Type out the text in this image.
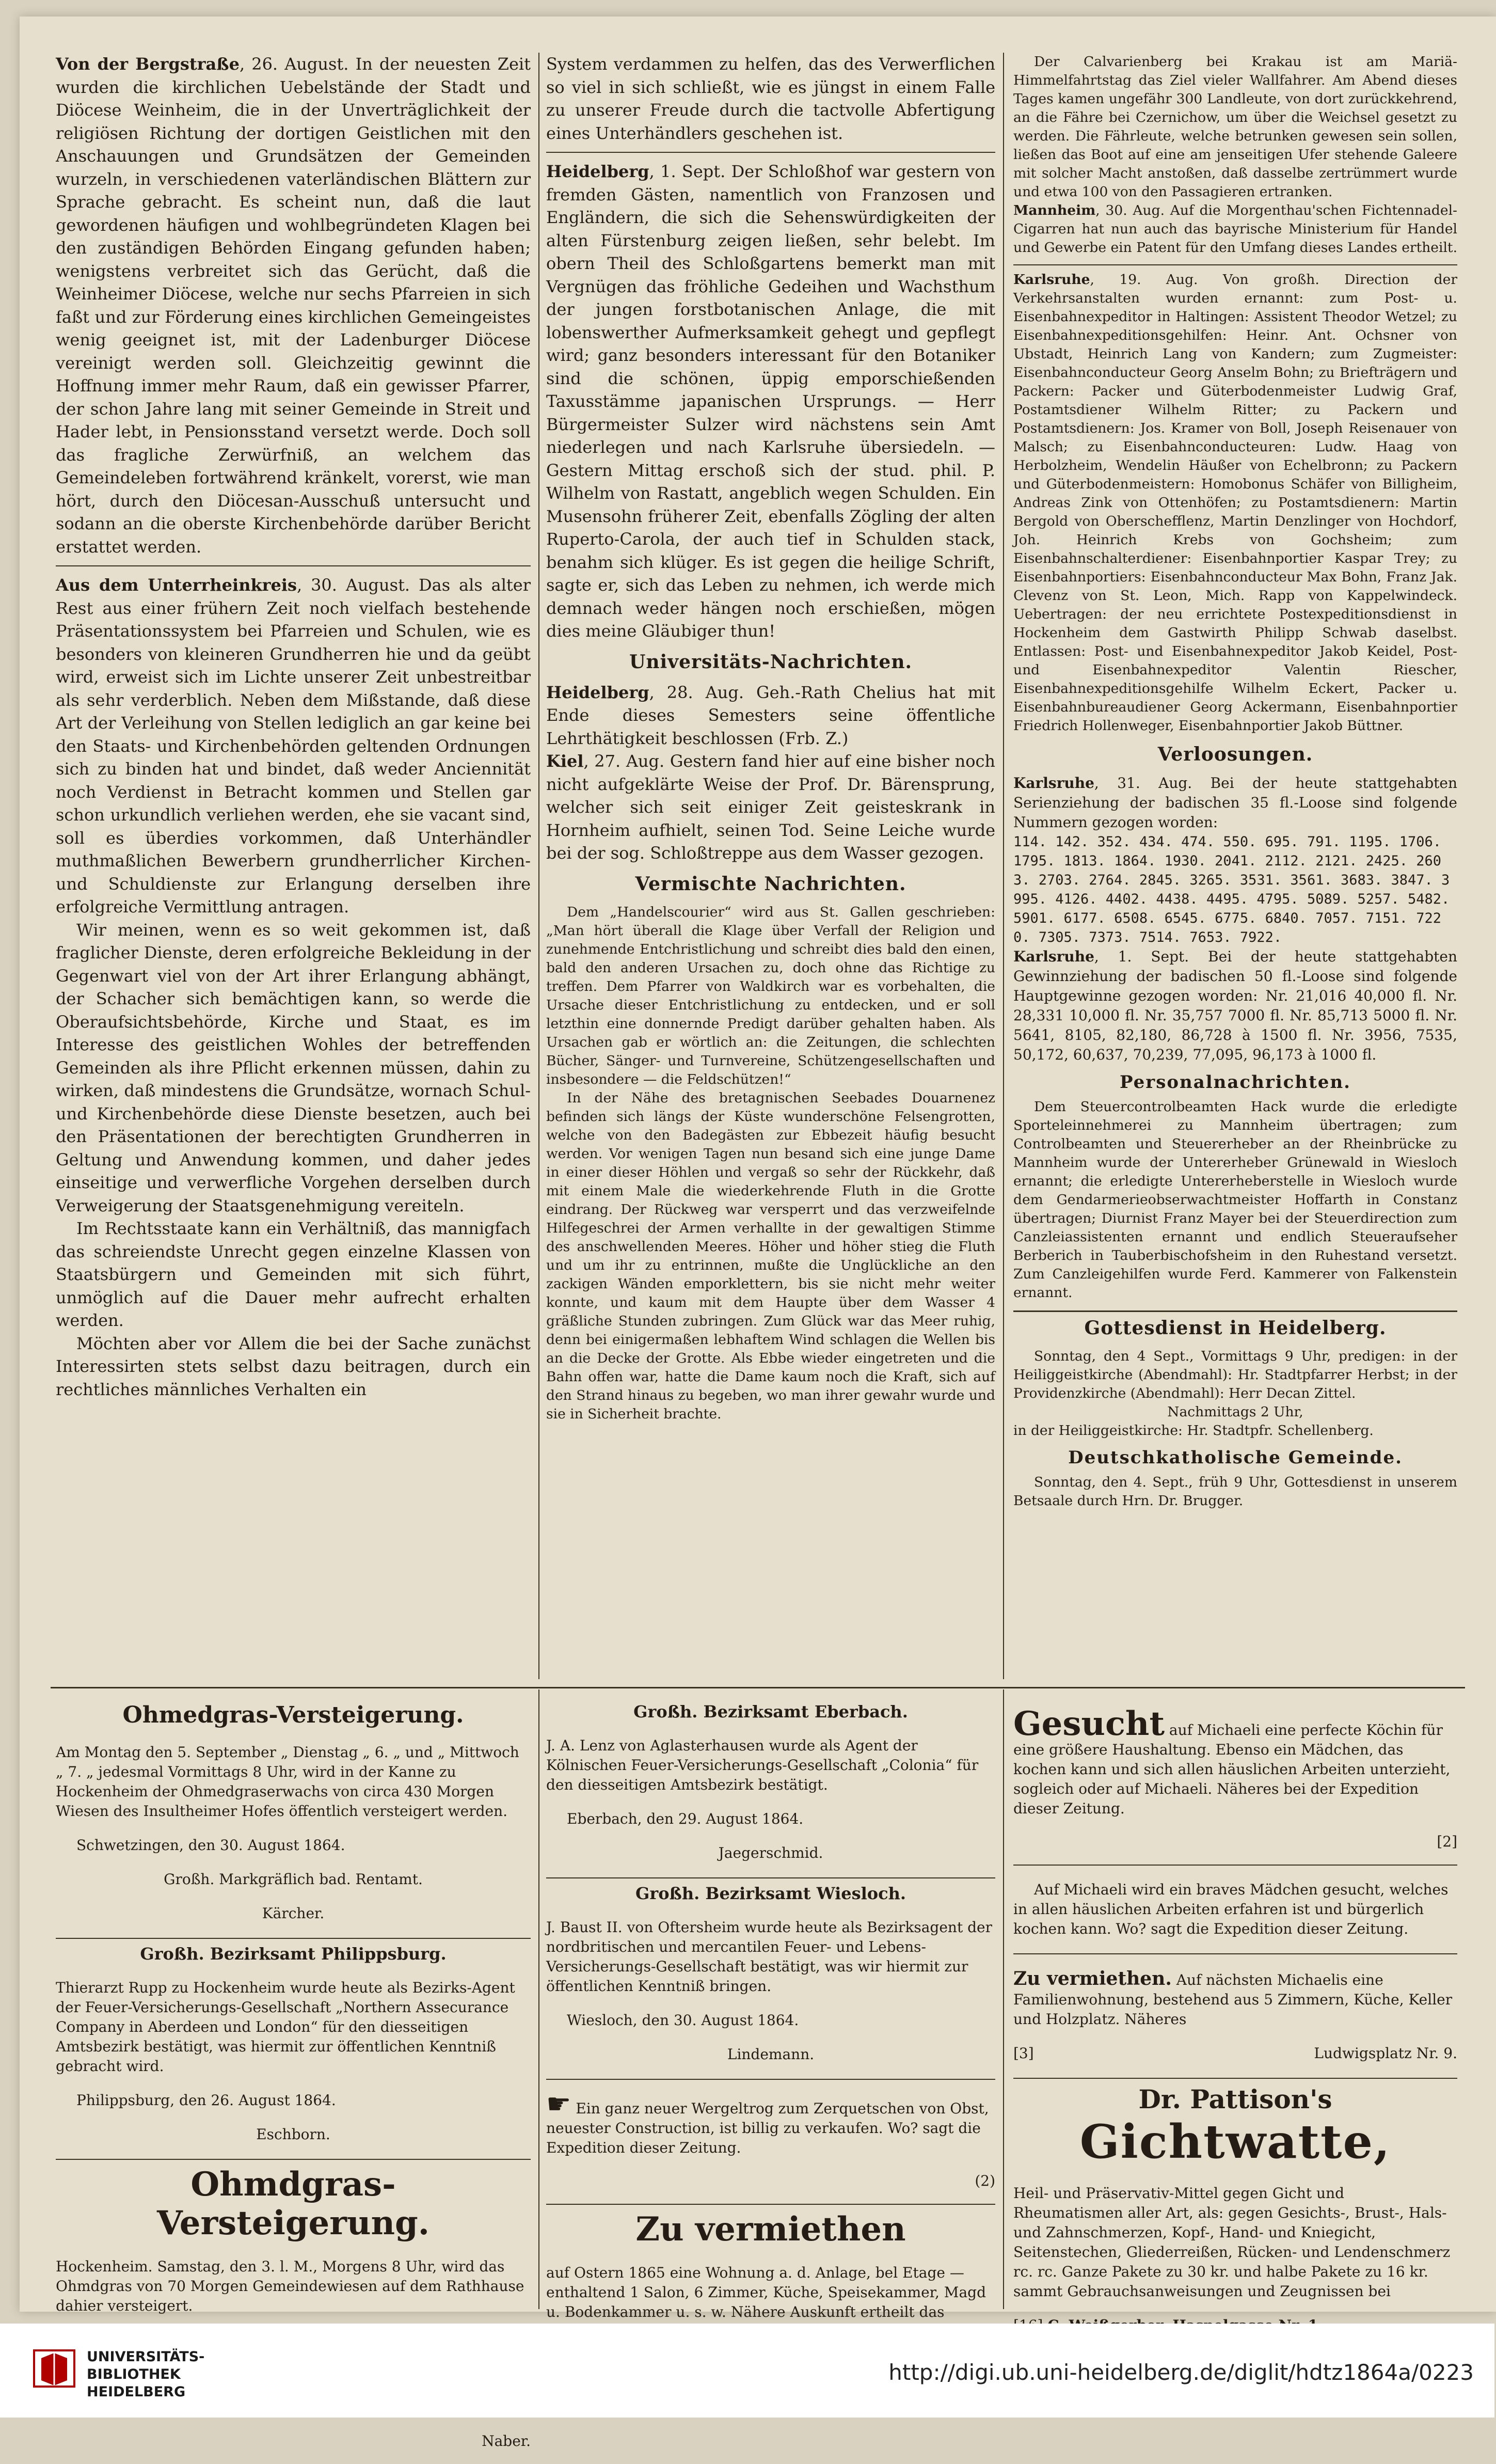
Von der Bergstraße, 26. August. In der neuesten Zeit wurden die kirchlichen Uebelstände der Stadt und Diöcese Weinheim, die in der Unverträglichkeit der religiösen Richtung der dortigen Geistlichen mit den Anschauungen und Grundsätzen der Gemeinden wurzeln, in verschiedenen vaterländischen Blättern zur Sprache gebracht. Es scheint nun, daß die laut gewordenen häufigen und wohlbegründeten Klagen bei den zuständigen Behörden Eingang gefunden haben; wenigstens verbreitet sich das Gerücht, daß die Weinheimer Diöcese, welche nur sechs Pfarreien in sich faßt und zur Förderung eines kirchlichen Gemeingeistes wenig geeignet ist, mit der Ladenburger Diöcese vereinigt werden soll. Gleichzeitig gewinnt die Hoffnung immer mehr Raum, daß ein gewisser Pfarrer, der schon Jahre lang mit seiner Gemeinde in Streit und Hader lebt, in Pensionsstand versetzt werde. Doch soll das fragliche Zerwürfniß, an welchem das Gemeindeleben fortwährend kränkelt, vorerst, wie man hört, durch den Diöcesan-Ausschuß untersucht und sodann an die oberste Kirchenbehörde darüber Bericht erstattet werden.

Aus dem Unterrheinkreis, 30. August. Das als alter Rest aus einer frühern Zeit noch vielfach bestehende Präsentationssystem bei Pfarreien und Schulen, wie es besonders von kleineren Grundherren hie und da geübt wird, erweist sich im Lichte unserer Zeit unbestreitbar als sehr verderblich. Neben dem Mißstande, daß diese Art der Verleihung von Stellen lediglich an gar keine bei den Staats- und Kirchenbehörden geltenden Ordnungen sich zu binden hat und bindet, daß weder Anciennität noch Verdienst in Betracht kommen und Stellen gar schon urkundlich verliehen werden, ehe sie vacant sind, soll es überdies vorkommen, daß Unterhändler muthmaßlichen Bewerbern grundherrlicher Kirchen- und Schuldienste zur Erlangung derselben ihre erfolgreiche Vermittlung antragen.

Wir meinen, wenn es so weit gekommen ist, daß fraglicher Dienste, deren erfolgreiche Bekleidung in der Gegenwart viel von der Art ihrer Erlangung abhängt, der Schacher sich bemächtigen kann, so werde die Oberaufsichtsbehörde, Kirche und Staat, es im Interesse des geistlichen Wohles der betreffenden Gemeinden als ihre Pflicht erkennen müssen, dahin zu wirken, daß mindestens die Grundsätze, wornach Schul- und Kirchenbehörde diese Dienste besetzen, auch bei den Präsentationen der berechtigten Grundherren in Geltung und Anwendung kommen, und daher jedes einseitige und verwerfliche Vorgehen derselben durch Verweigerung der Staatsgenehmigung vereiteln.

Im Rechtsstaate kann ein Verhältniß, das mannigfach das schreiendste Unrecht gegen einzelne Klassen von Staatsbürgern und Gemeinden mit sich führt, unmöglich auf die Dauer mehr aufrecht erhalten werden.

Möchten aber vor Allem die bei der Sache zunächst Interessirten stets selbst dazu beitragen, durch ein rechtliches männliches Verhalten ein

System verdammen zu helfen, das des Verwerflichen so viel in sich schließt, wie es jüngst in einem Falle zu unserer Freude durch die tactvolle Abfertigung eines Unterhändlers geschehen ist.

Heidelberg, 1. Sept. Der Schloßhof war gestern von fremden Gästen, namentlich von Franzosen und Engländern, die sich die Sehenswürdigkeiten der alten Fürstenburg zeigen ließen, sehr belebt. Im obern Theil des Schloßgartens bemerkt man mit Vergnügen das fröhliche Gedeihen und Wachsthum der jungen forstbotanischen Anlage, die mit lobenswerther Aufmerksamkeit gehegt und gepflegt wird; ganz besonders interessant für den Botaniker sind die schönen, üppig emporschießenden Taxusstämme japanischen Ursprungs. — Herr Bürgermeister Sulzer wird nächstens sein Amt niederlegen und nach Karlsruhe übersiedeln. — Gestern Mittag erschoß sich der stud. phil. P. Wilhelm von Rastatt, angeblich wegen Schulden. Ein Musensohn früherer Zeit, ebenfalls Zögling der alten Ruperto-Carola, der auch tief in Schulden stack, benahm sich klüger. Es ist gegen die heilige Schrift, sagte er, sich das Leben zu nehmen, ich werde mich demnach weder hängen noch erschießen, mögen dies meine Gläubiger thun!

Universitäts-Nachrichten.

Heidelberg, 28. Aug. Geh.-Rath Chelius hat mit Ende dieses Semesters seine öffentliche Lehrthätigkeit beschlossen (Frb. Z.)

Kiel, 27. Aug. Gestern fand hier auf eine bisher noch nicht aufgeklärte Weise der Prof. Dr. Bärensprung, welcher sich seit einiger Zeit geisteskrank in Hornheim aufhielt, seinen Tod. Seine Leiche wurde bei der sog. Schloßtreppe aus dem Wasser gezogen.

Vermischte Nachrichten.

Dem „Handelscourier“ wird aus St. Gallen geschrieben: „Man hört überall die Klage über Verfall der Religion und zunehmende Entchristlichung und schreibt dies bald den einen, bald den anderen Ursachen zu, doch ohne das Richtige zu treffen. Dem Pfarrer von Waldkirch war es vorbehalten, die Ursache dieser Entchristlichung zu entdecken, und er soll letzthin eine donnernde Predigt darüber gehalten haben. Als Ursachen gab er wörtlich an: die Zeitungen, die schlechten Bücher, Sänger- und Turnvereine, Schützengesellschaften und insbesondere — die Feldschützen!“

In der Nähe des bretagnischen Seebades Douarnenez befinden sich längs der Küste wunderschöne Felsengrotten, welche von den Badegästen zur Ebbezeit häufig besucht werden. Vor wenigen Tagen nun besand sich eine junge Dame in einer dieser Höhlen und vergaß so sehr der Rückkehr, daß mit einem Male die wiederkehrende Fluth in die Grotte eindrang. Der Rückweg war versperrt und das verzweifelnde Hilfegeschrei der Armen verhallte in der gewaltigen Stimme des anschwellenden Meeres. Höher und höher stieg die Fluth und um ihr zu entrinnen, mußte die Unglückliche an den zackigen Wänden emporklettern, bis sie nicht mehr weiter konnte, und kaum mit dem Haupte über dem Wasser 4 gräßliche Stunden zubringen. Zum Glück war das Meer ruhig, denn bei einigermaßen lebhaftem Wind schlagen die Wellen bis an die Decke der Grotte. Als Ebbe wieder eingetreten und die Bahn offen war, hatte die Dame kaum noch die Kraft, sich auf den Strand hinaus zu begeben, wo man ihrer gewahr wurde und sie in Sicherheit brachte.

Der Calvarienberg bei Krakau ist am Mariä-Himmelfahrtstag das Ziel vieler Wallfahrer. Am Abend dieses Tages kamen ungefähr 300 Landleute, von dort zurückkehrend, an die Fähre bei Czernichow, um über die Weichsel gesetzt zu werden. Die Fährleute, welche betrunken gewesen sein sollen, ließen das Boot auf eine am jenseitigen Ufer stehende Galeere mit solcher Macht anstoßen, daß dasselbe zertrümmert wurde und etwa 100 von den Passagieren ertranken.

Mannheim, 30. Aug. Auf die Morgenthau'schen Fichtennadel-Cigarren hat nun auch das bayrische Ministerium für Handel und Gewerbe ein Patent für den Umfang dieses Landes ertheilt.

Karlsruhe, 19. Aug. Von großh. Direction der Verkehrsanstalten wurden ernannt: zum Post- u. Eisenbahnexpeditor in Haltingen: Assistent Theodor Wetzel; zu Eisenbahnexpeditionsgehilfen: Heinr. Ant. Ochsner von Ubstadt, Heinrich Lang von Kandern; zum Zugmeister: Eisenbahnconducteur Georg Anselm Bohn; zu Briefträgern und Packern: Packer und Güterbodenmeister Ludwig Graf, Postamtsdiener Wilhelm Ritter; zu Packern und Postamtsdienern: Jos. Kramer von Boll, Joseph Reisenauer von Malsch; zu Eisenbahnconducteuren: Ludw. Haag von Herbolzheim, Wendelin Häußer von Echelbronn; zu Packern und Güterbodenmeistern: Homobonus Schäfer von Billigheim, Andreas Zink von Ottenhöfen; zu Postamtsdienern: Martin Bergold von Oberschefflenz, Martin Denzlinger von Hochdorf, Joh. Heinrich Krebs von Gochsheim; zum Eisenbahnschalterdiener: Eisenbahnportier Kaspar Trey; zu Eisenbahnportiers: Eisenbahnconducteur Max Bohn, Franz Jak. Clevenz von St. Leon, Mich. Rapp von Kappelwindeck. Uebertragen: der neu errichtete Postexpeditionsdienst in Hockenheim dem Gastwirth Philipp Schwab daselbst. Entlassen: Post- und Eisenbahnexpeditor Jakob Keidel, Post- und Eisenbahnexpeditor Valentin Riescher, Eisenbahnexpeditionsgehilfe Wilhelm Eckert, Packer u. Eisenbahnbureaudiener Georg Ackermann, Eisenbahnportier Friedrich Hollenweger, Eisenbahnportier Jakob Büttner.

Verloosungen.

Karlsruhe, 31. Aug. Bei der heute stattgehabten Serienziehung der badischen 35 fl.-Loose sind folgende Nummern gezogen worden:

114. 142. 352. 434. 474. 550. 695. 791. 1195. 1706. 1795. 1813. 1864. 1930. 2041. 2112. 2121. 2425. 2603. 2703. 2764. 2845. 3265. 3531. 3561. 3683. 3847. 3995. 4126. 4402. 4438. 4495. 4795. 5089. 5257. 5482. 5901. 6177. 6508. 6545. 6775. 6840. 7057. 7151. 7220. 7305. 7373. 7514. 7653. 7922.

Karlsruhe, 1. Sept. Bei der heute stattgehabten Gewinnziehung der badischen 50 fl.-Loose sind folgende Hauptgewinne gezogen worden: Nr. 21,016 40,000 fl. Nr. 28,331 10,000 fl. Nr. 35,757 7000 fl. Nr. 85,713 5000 fl. Nr. 5641, 8105, 82,180, 86,728 à 1500 fl. Nr. 3956, 7535, 50,172, 60,637, 70,239, 77,095, 96,173 à 1000 fl.

Personalnachrichten.

Dem Steuercontrolbeamten Hack wurde die erledigte Sporteleinnehmerei zu Mannheim übertragen; zum Controlbeamten und Steuererheber an der Rheinbrücke zu Mannheim wurde der Untererheber Grünewald in Wiesloch ernannt; die erledigte Untererheberstelle in Wiesloch wurde dem Gendarmerieobserwachtmeister Hoffarth in Constanz übertragen; Diurnist Franz Mayer bei der Steuerdirection zum Canzleiassistenten ernannt und endlich Steueraufseher Berberich in Tauberbischofsheim in den Ruhestand versetzt. Zum Canzleigehilfen wurde Ferd. Kammerer von Falkenstein ernannt.

Gottesdienst in Heidelberg.

Sonntag, den 4 Sept., Vormittags 9 Uhr, predigen: in der Heiliggeistkirche (Abendmahl): Hr. Stadtpfarrer Herbst; in der Providenzkirche (Abendmahl): Herr Decan Zittel.

Nachmittags 2 Uhr,

in der Heiliggeistkirche: Hr. Stadtpfr. Schellenberg.

Deutschkatholische Gemeinde.

Sonntag, den 4. Sept., früh 9 Uhr, Gottesdienst in unserem Betsaale durch Hrn. Dr. Brugger.

Ohmedgras-Versteigerung.

Am Montag den 5. September „ Dienstag „ 6. „ und „ Mittwoch „ 7. „ jedesmal Vormittags 8 Uhr, wird in der Kanne zu Hockenheim der Ohmedgraserwachs von circa 430 Morgen Wiesen des Insultheimer Hofes öffentlich versteigert werden.

Schwetzingen, den 30. August 1864.

Großh. Markgräflich bad. Rentamt.

Kärcher.

Großh. Bezirksamt Philippsburg.

Thierarzt Rupp zu Hockenheim wurde heute als Bezirks-Agent der Feuer-Versicherungs-Gesellschaft „Northern Assecurance Company in Aberdeen und London“ für den diesseitigen Amtsbezirk bestätigt, was hiermit zur öffentlichen Kenntniß gebracht wird.

Philippsburg, den 26. August 1864.

Eschborn.

Ohmdgras-Versteigerung.

Hockenheim. Samstag, den 3. l. M., Morgens 8 Uhr, wird das Ohmdgras von 70 Morgen Gemeindewiesen auf dem Rathhause dahier versteigert.

Naber.

Großh. Bezirksamt Eberbach.

J. A. Lenz von Aglasterhausen wurde als Agent der Kölnischen Feuer-Versicherungs-Gesellschaft „Colonia“ für den diesseitigen Amtsbezirk bestätigt.

Eberbach, den 29. August 1864.

Jaegerschmid.

Großh. Bezirksamt Wiesloch.

J. Baust II. von Oftersheim wurde heute als Bezirksagent der nordbritischen und mercantilen Feuer- und Lebens-Versicherungs-Gesellschaft bestätigt, was wir hiermit zur öffentlichen Kenntniß bringen.

Wiesloch, den 30. August 1864.

Lindemann.

☛ Ein ganz neuer Wergeltrog zum Zerquetschen von Obst, neuester Construction, ist billig zu verkaufen. Wo? sagt die Expedition dieser Zeitung.

(2)

Zu vermiethen

auf Ostern 1865 eine Wohnung a. d. Anlage, bel Etage — enthaltend 1 Salon, 6 Zimmer, Küche, Speisekammer, Magd u. Bodenkammer u. s. w. Nähere Auskunft ertheilt das

Gesucht auf Michaeli eine perfecte Köchin für eine größere Haushaltung. Ebenso ein Mädchen, das kochen kann und sich allen häuslichen Arbeiten unterzieht, sogleich oder auf Michaeli. Näheres bei der Expedition dieser Zeitung.

[2]

Auf Michaeli wird ein braves Mädchen gesucht, welches in allen häuslichen Arbeiten erfahren ist und bürgerlich kochen kann. Wo? sagt die Expedition dieser Zeitung.

Zu vermiethen. Auf nächsten Michaelis eine Familienwohnung, bestehend aus 5 Zimmern, Küche, Keller und Holzplatz. Näheres

[3]	Ludwigsplatz Nr. 9.

Dr. Pattison's
Gichtwatte,

Heil- und Präservativ-Mittel gegen Gicht und Rheumatismen aller Art, als: gegen Gesichts-, Brust-, Hals- und Zahnschmerzen, Kopf-, Hand- und Kniegicht, Seitenstechen, Gliederreißen, Rücken- und Lendenschmerz rc. rc. Ganze Pakete zu 30 kr. und halbe Pakete zu 16 kr. sammt Gebrauchsanweisungen und Zeugnissen bei

UNIVERSITÄTS-
BIBLIOTHEK
HEIDELBERG
http://digi.ub.uni-heidelberg.de/diglit/hdtz1864a/0223
